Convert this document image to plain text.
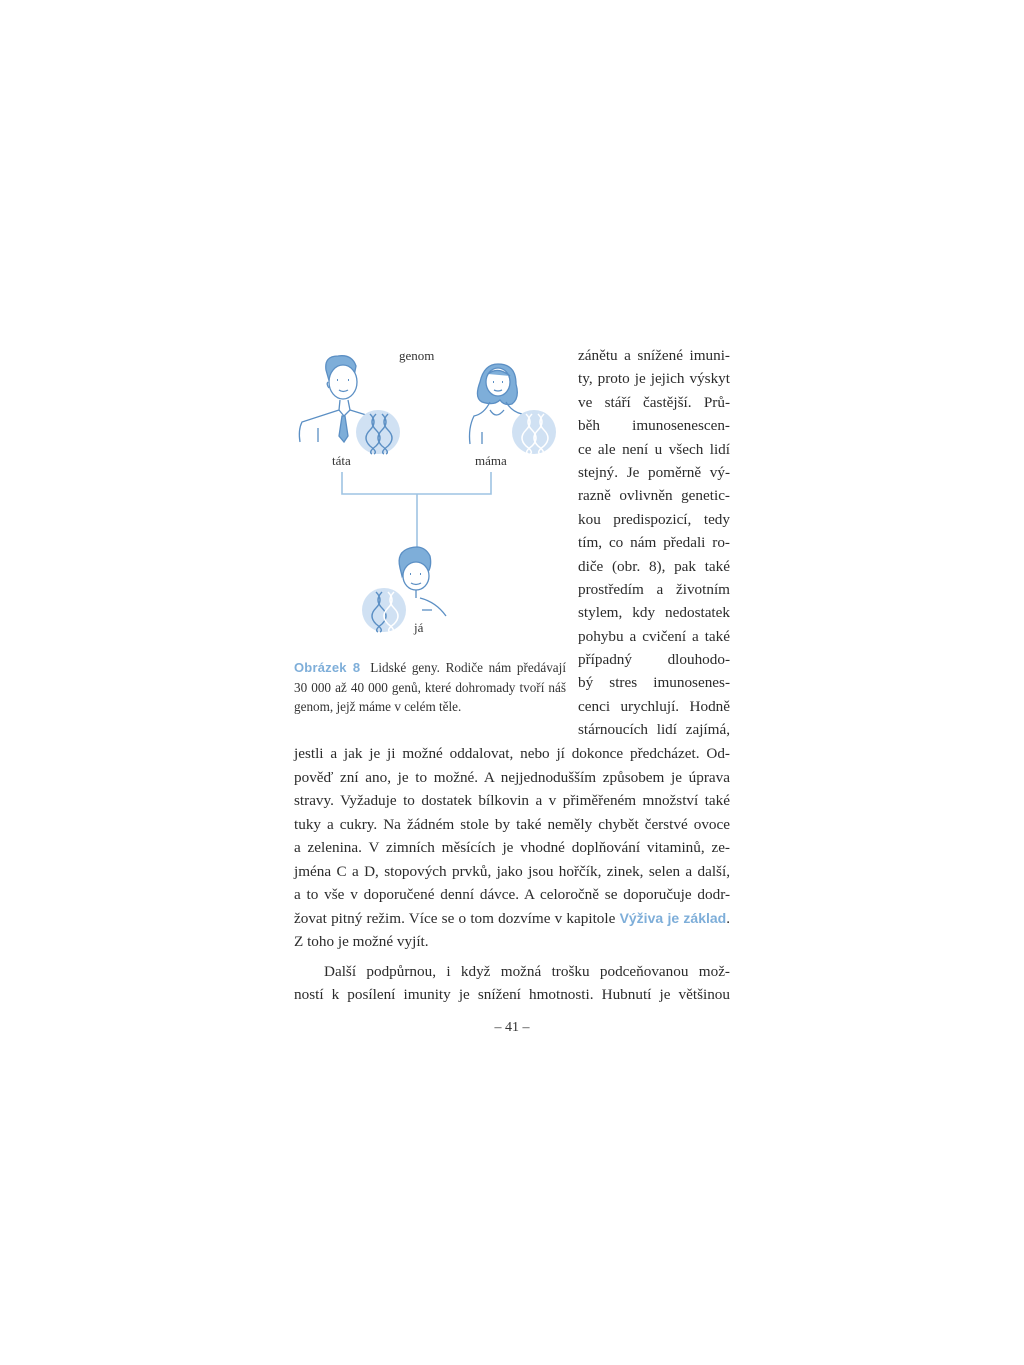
genom
táta	máma
já
Obrázek 8 Lidské geny. Rodiče nám předávají 30 000 až 40 000 genů, které dohromady tvoří náš genom, jejž máme v celém těle.
zánětu a snížené imuni-
ty, proto je jejich výskyt
ve stáří častější. Prů-
běh imunosenescen-
ce ale není u všech lidí
stejný. Je poměrně vý-
razně ovlivněn genetic-
kou predispozicí, tedy
tím, co nám předali ro-
diče (obr. 8), pak také
prostředím a životním
stylem, kdy nedostatek
pohybu a cvičení a také
případný dlouhodo-
bý stres imunosenes-
cenci urychlují. Hodně
stárnoucích lidí zajímá,
jestli a jak je ji možné oddalovat, nebo jí dokonce předcházet. Od-
pověď zní ano, je to možné. A nejjednodušším způsobem je úprava
stravy. Vyžaduje to dostatek bílkovin a v přiměřeném množství také
tuky a cukry. Na žádném stole by také neměly chybět čerstvé ovoce
a zelenina. V zimních měsících je vhodné doplňování vitaminů, ze-
jména C a D, stopových prvků, jako jsou hořčík, zinek, selen a další,
a to vše v doporučené denní dávce. A celoročně se doporučuje dodr-
žovat pitný režim. Více se o tom dozvíme v kapitole Výživa je základ.
Z toho je možné vyjít.
Další podpůrnou, i když možná trošku podceňovanou mož-
ností k posílení imunity je snížení hmotnosti. Hubnutí je většinou
– 41 –
